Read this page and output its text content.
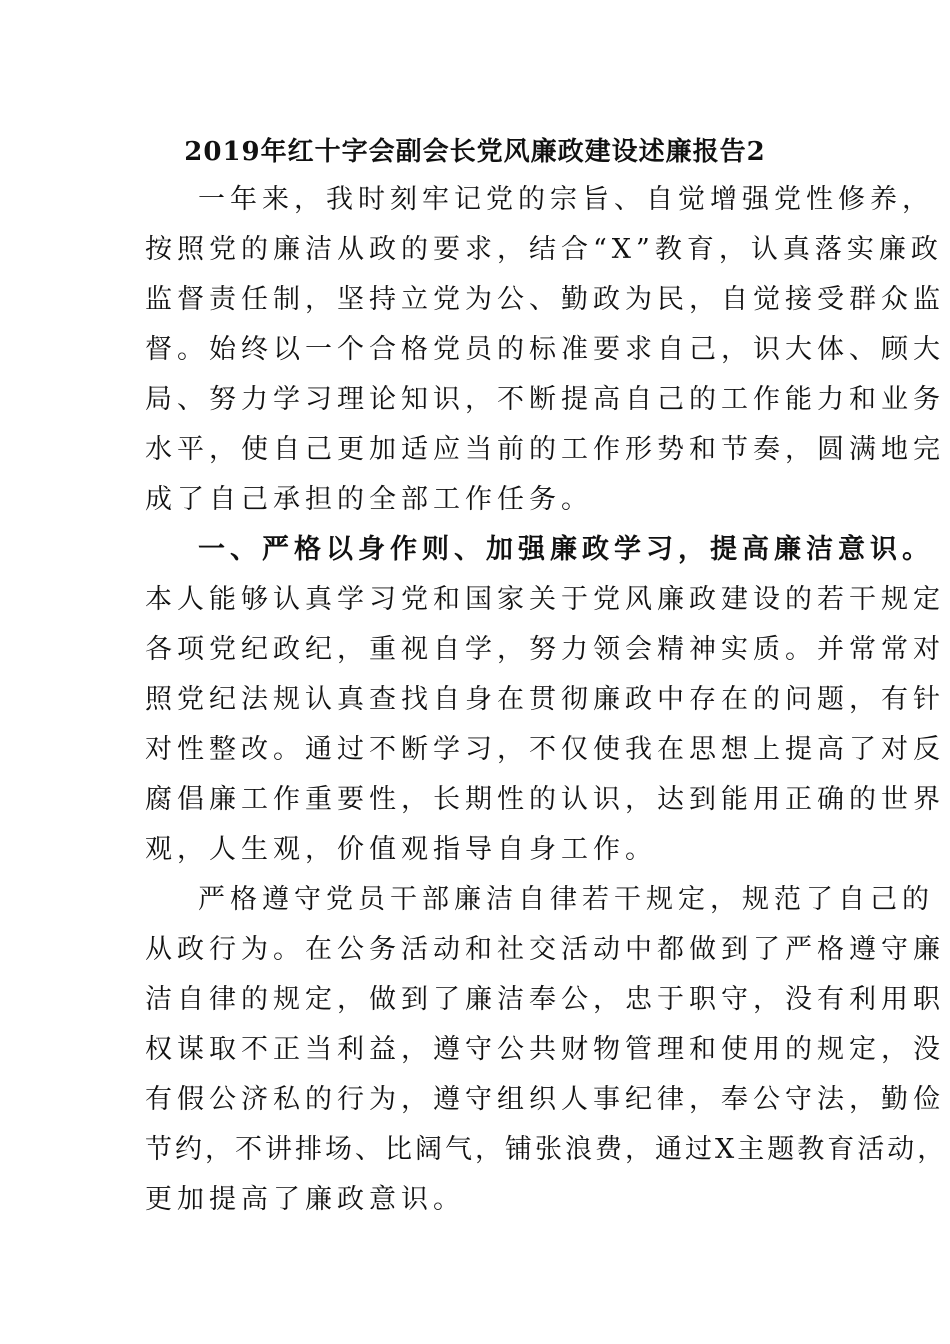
2019年红十字会副会长党风廉政建设述廉报告2
一年来，我时刻牢记党的宗旨、自觉增强党性修养，
按照党的廉洁从政的要求，结合“X”教育，认真落实廉政
监督责任制，坚持立党为公、勤政为民，自觉接受群众监
督。始终以一个合格党员的标准要求自己，识大体、顾大
局、努力学习理论知识，不断提高自己的工作能力和业务
水平，使自己更加适应当前的工作形势和节奏，圆满地完
成了自己承担的全部工作任务。
一、严格以身作则、加强廉政学习，提高廉洁意识。
本人能够认真学习党和国家关于党风廉政建设的若干规定
各项党纪政纪，重视自学，努力领会精神实质。并常常对
照党纪法规认真查找自身在贯彻廉政中存在的问题，有针
对性整改。通过不断学习，不仅使我在思想上提高了对反
腐倡廉工作重要性，长期性的认识，达到能用正确的世界
观，人生观，价值观指导自身工作。
严格遵守党员干部廉洁自律若干规定，规范了自己的
从政行为。在公务活动和社交活动中都做到了严格遵守廉
洁自律的规定，做到了廉洁奉公，忠于职守，没有利用职
权谋取不正当利益，遵守公共财物管理和使用的规定，没
有假公济私的行为，遵守组织人事纪律，奉公守法，勤俭
节约，不讲排场、比阔气，铺张浪费，通过X主题教育活动，
更加提高了廉政意识。
